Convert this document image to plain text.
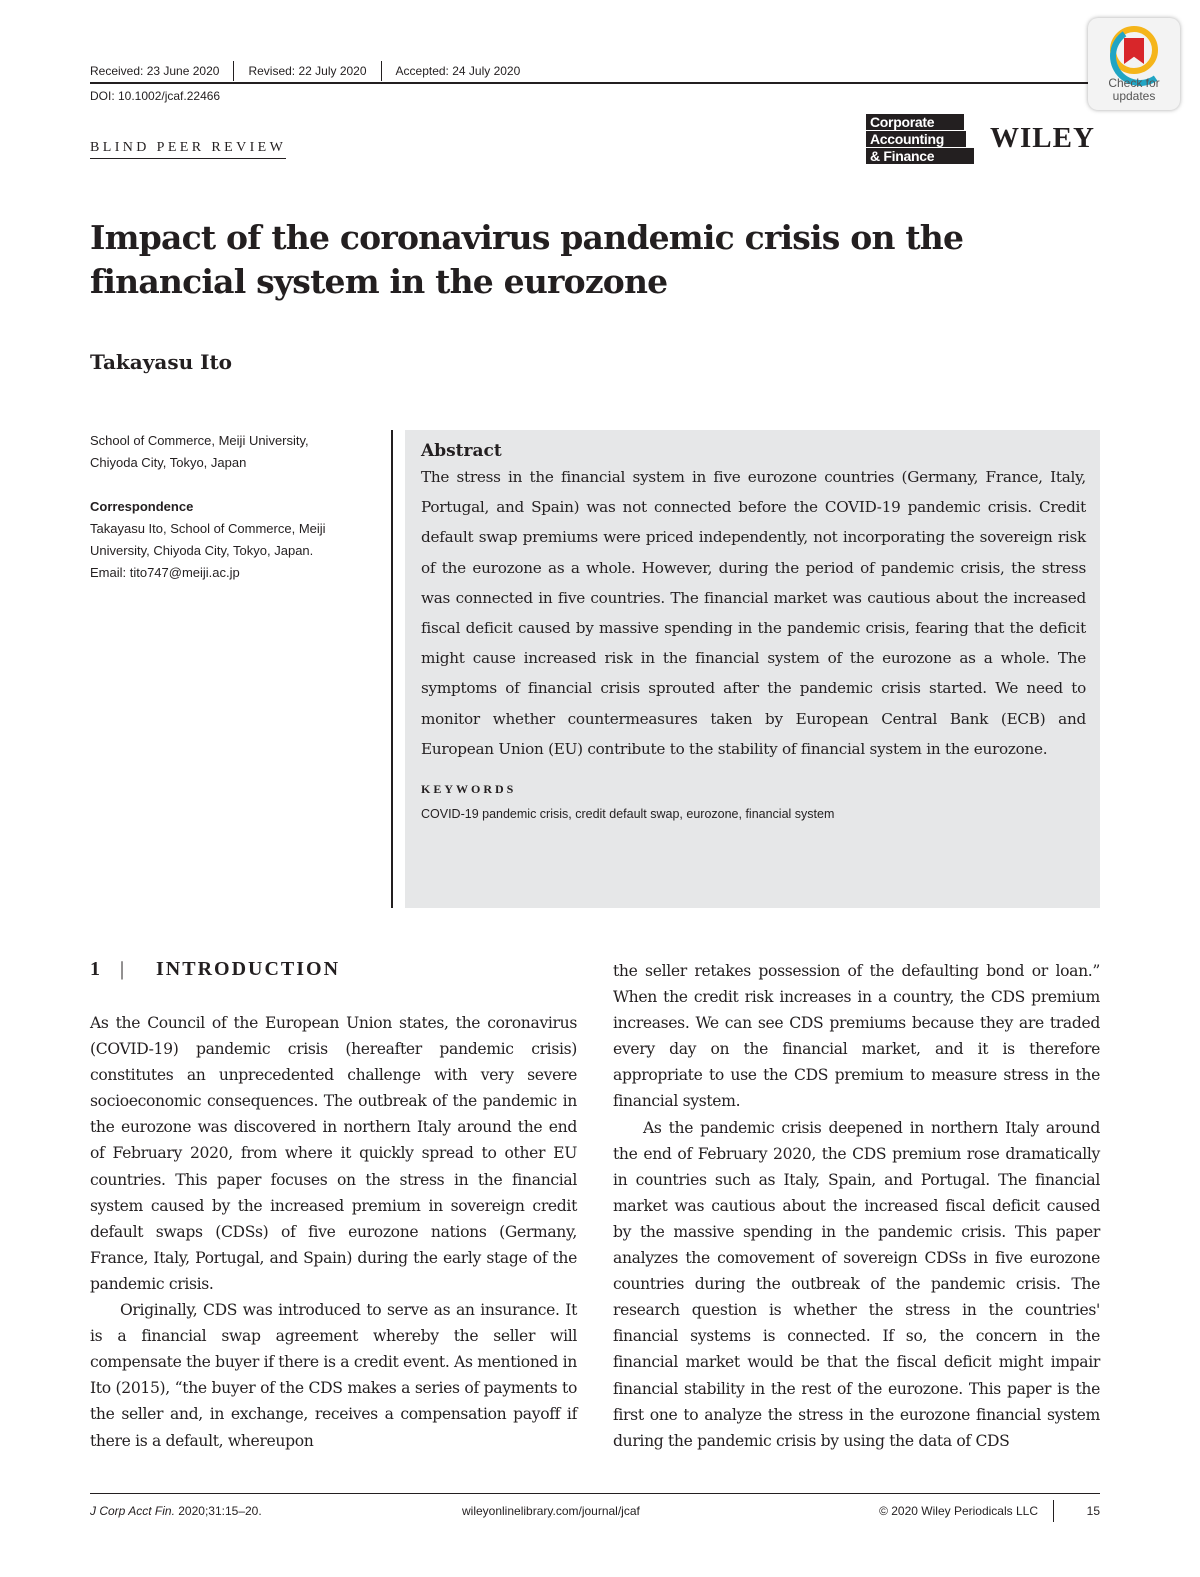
Received: 23 June 2020	Revised: 22 July 2020	Accepted: 24 July 2020
DOI: 10.1002/jcaf.22466
Check for updates
BLIND PEER REVIEW
Corporate
Accounting
& Finance
WILEY
Impact of the coronavirus pandemic crisis on the financial system in the eurozone
Takayasu Ito
School of Commerce, Meiji University,
Chiyoda City, Tokyo, Japan
Correspondence
Takayasu Ito, School of Commerce, Meiji
University, Chiyoda City, Tokyo, Japan.
Email: tito747@meiji.ac.jp
Abstract

The stress in the financial system in five eurozone countries (Germany, France, Italy, Portugal, and Spain) was not connected before the COVID-19 pandemic crisis. Credit default swap premiums were priced independently, not incorporating the sovereign risk of the eurozone as a whole. However, during the period of pandemic crisis, the stress was connected in five countries. The financial market was cautious about the increased fiscal deficit caused by massive spending in the pandemic crisis, fearing that the deficit might cause increased risk in the financial system of the eurozone as a whole. The symptoms of financial crisis sprouted after the pandemic crisis started. We need to monitor whether countermeasures taken by European Central Bank (ECB) and European Union (EU) contribute to the stability of financial system in the eurozone.

KEYWORDS
COVID-19 pandemic crisis, credit default swap, eurozone, financial system
1 |	INTRODUCTION

As the Council of the European Union states, the coronavirus (COVID-19) pandemic crisis (hereafter pandemic crisis) constitutes an unprecedented challenge with very severe socioeconomic consequences. The outbreak of the pandemic in the eurozone was discovered in northern Italy around the end of February 2020, from where it quickly spread to other EU countries. This paper focuses on the stress in the financial system caused by the increased premium in sovereign credit default swaps (CDSs) of five eurozone nations (Germany, France, Italy, Portugal, and Spain) during the early stage of the pandemic crisis.

Originally, CDS was introduced to serve as an insurance. It is a financial swap agreement whereby the seller will compensate the buyer if there is a credit event. As mentioned in Ito (2015), “the buyer of the CDS makes a series of payments to the seller and, in exchange, receives a compensation payoff if there is a default, whereupon

the seller retakes possession of the defaulting bond or loan.” When the credit risk increases in a country, the CDS premium increases. We can see CDS premiums because they are traded every day on the financial market, and it is therefore appropriate to use the CDS premium to measure stress in the financial system.

As the pandemic crisis deepened in northern Italy around the end of February 2020, the CDS premium rose dramatically in countries such as Italy, Spain, and Portugal. The financial market was cautious about the increased fiscal deficit caused by the massive spending in the pandemic crisis. This paper analyzes the comovement of sovereign CDSs in five eurozone countries during the outbreak of the pandemic crisis. The research question is whether the stress in the countries' financial systems is connected. If so, the concern in the financial market would be that the fiscal deficit might impair financial stability in the rest of the eurozone. This paper is the first one to analyze the stress in the eurozone financial system during the pandemic crisis by using the data of CDS

J Corp Acct Fin. 2020;31:15–20.	wileyonlinelibrary.com/journal/jcaf	© 2020 Wiley Periodicals LLC	15
